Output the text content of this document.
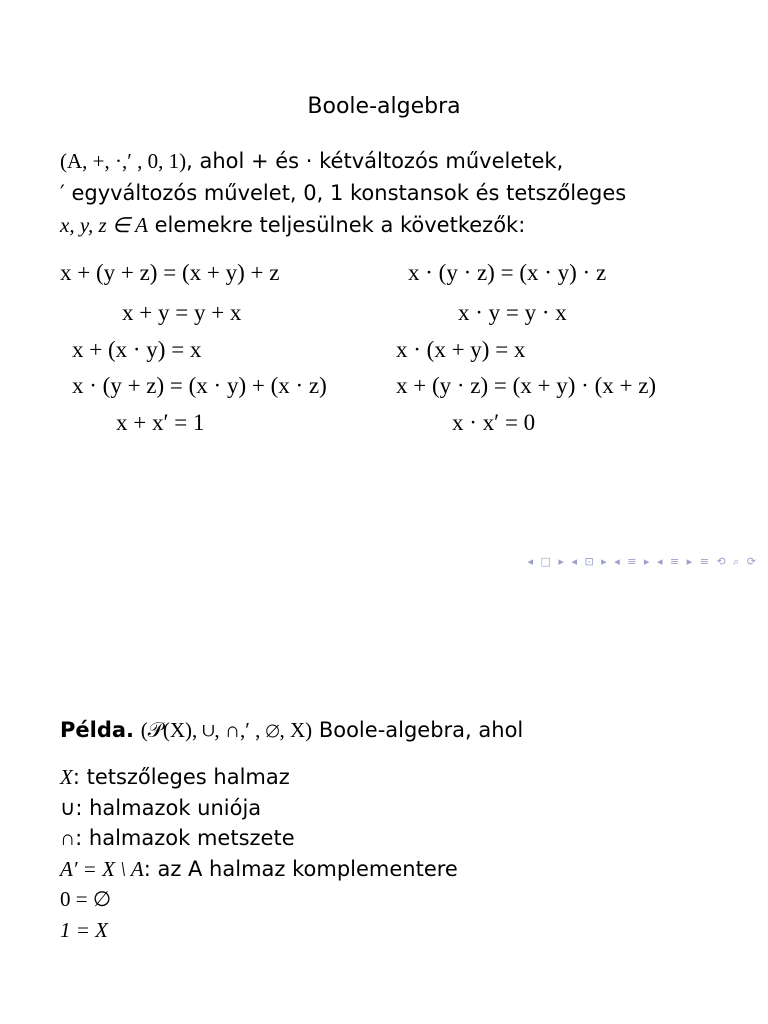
Boole-algebra
(A, +, ·,′ , 0, 1), ahol + és · kétváltozós műveletek,
′ egyváltozós művelet, 0, 1 konstansok és tetszőleges
x, y, z ∈ A elemekre teljesülnek a következők:
x + (y + z) = (x + y) + z	x · (y · z) = (x · y) · z
x + y = y + x	x · y = y · x
x + (x · y) = x	x · (x + y) = x
x · (y + z) = (x · y) + (x · z)	x + (y · z) = (x + y) · (x + z)
x + x′ = 1	x · x′ = 0
◂ □ ▸ ◂ ⊡ ▸ ◂ ≡ ▸ ◂ ≡ ▸ ≡ ⟲ ⌕ ⟳
Példa. (𝒫(X), ∪, ∩,′ , ∅, X) Boole-algebra, ahol
X: tetszőleges halmaz
∪: halmazok uniója
∩: halmazok metszete
A′ = X \ A: az A halmaz komplementere
0 = ∅
1 = X
